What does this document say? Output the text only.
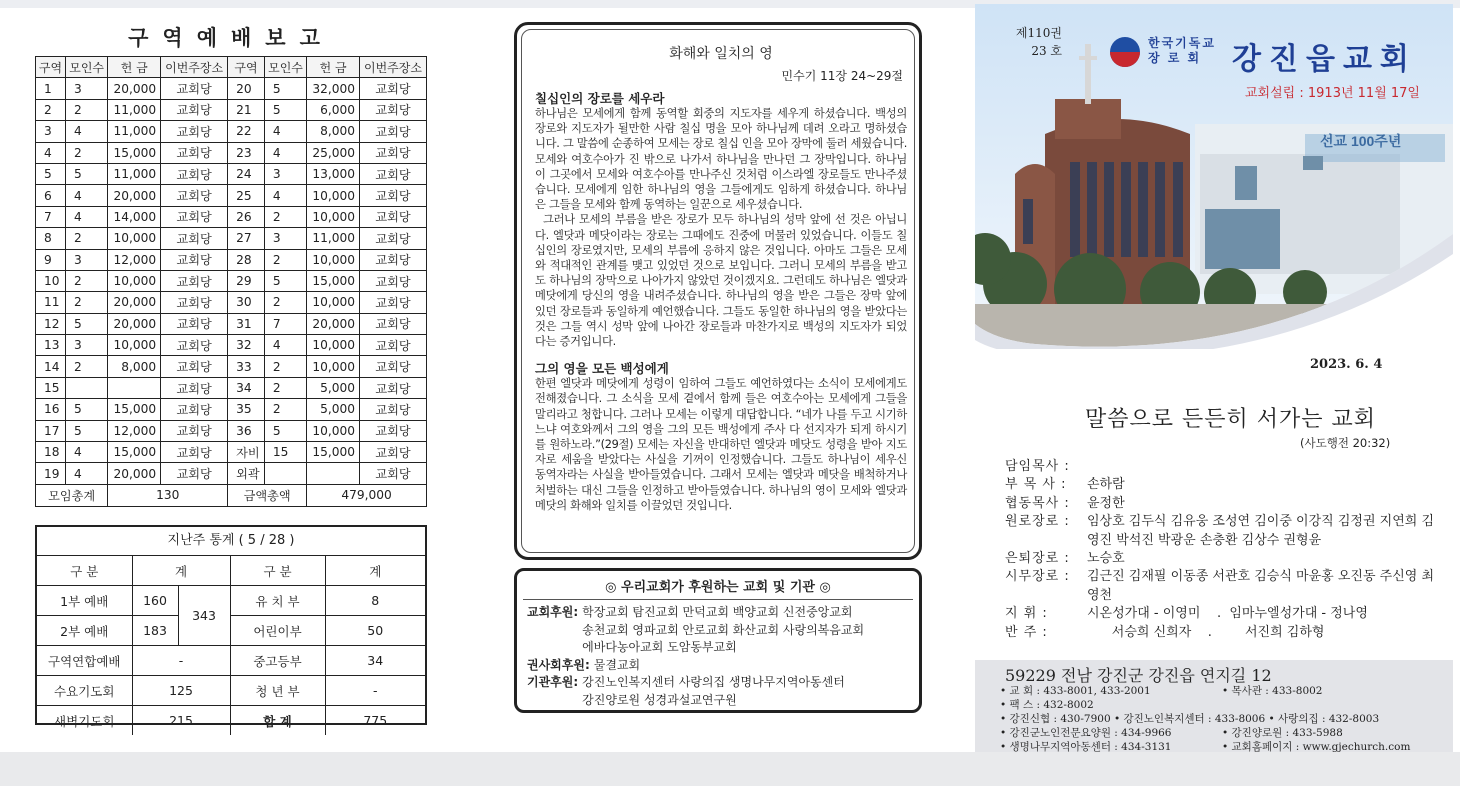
구역예배보고
구역	모인수	헌 금	이번주장소	구역	모인수	헌 금	이번주장소
1	3	20,000	교회당	20	5	32,000	교회당
2	2	11,000	교회당	21	5	6,000	교회당
3	4	11,000	교회당	22	4	8,000	교회당
4	2	15,000	교회당	23	4	25,000	교회당
5	5	11,000	교회당	24	3	13,000	교회당
6	4	20,000	교회당	25	4	10,000	교회당
7	4	14,000	교회당	26	2	10,000	교회당
8	2	10,000	교회당	27	3	11,000	교회당
9	3	12,000	교회당	28	2	10,000	교회당
10	2	10,000	교회당	29	5	15,000	교회당
11	2	20,000	교회당	30	2	10,000	교회당
12	5	20,000	교회당	31	7	20,000	교회당
13	3	10,000	교회당	32	4	10,000	교회당
14	2	8,000	교회당	33	2	10,000	교회당
15			교회당	34	2	5,000	교회당
16	5	15,000	교회당	35	2	5,000	교회당
17	5	12,000	교회당	36	5	10,000	교회당
18	4	15,000	교회당	자비	15	15,000	교회당
19	4	20,000	교회당	외곽			교회당
모임총계		130		금액총액		479,000	
지난주 통계 ( 5 / 28 )
구 분	계		구 분	계
1부 예배	160	343	유 치 부	8
2부 예배	183		어린이부	50
구역연합예배	-		중고등부	34
수요기도회	125		청 년 부	-
새벽기도회	215		합 계	775
화해와 일치의 영
민수기 11장 24~29절
칠십인의 장로를 세우라

하나님은 모세에게 함께 동역할 회중의 지도자를 세우게 하셨습니다. 백성의 장로와 지도자가 될만한 사람 칠십 명을 모아 하나님께 데려 오라고 명하셨습니다. 그 말씀에 순종하여 모세는 장로 칠십 인을 모아 장막에 둘러 세웠습니다. 모세와 여호수아가 진 밖으로 나가서 하나님을 만나던 그 장막입니다. 하나님이 그곳에서 모세와 여호수아를 만나주신 것처럼 이스라엘 장로들도 만나주셨습니다. 모세에게 임한 하나님의 영을 그들에게도 임하게 하셨습니다. 하나님은 그들을 모세와 함께 동역하는 일꾼으로 세우셨습니다.

그러나 모세의 부름을 받은 장로가 모두 하나님의 성막 앞에 선 것은 아닙니다. 엘닷과 메닷이라는 장로는 그때에도 진중에 머물러 있었습니다. 이들도 칠십인의 장로였지만, 모세의 부름에 응하지 않은 것입니다. 아마도 그들은 모세와 적대적인 관계를 맺고 있었던 것으로 보입니다. 그러니 모세의 부름을 받고도 하나님의 장막으로 나아가지 않았던 것이겠지요. 그런데도 하나님은 엘닷과 메닷에게 당신의 영을 내려주셨습니다. 하나님의 영을 받은 그들은 장막 앞에 있던 장로들과 동일하게 예언했습니다. 그들도 동일한 하나님의 영을 받았다는 것은 그들 역시 성막 앞에 나아간 장로들과 마찬가지로 백성의 지도자가 되었다는 증거입니다.

그의 영을 모든 백성에게

한편 엘닷과 메닷에게 성령이 임하여 그들도 예언하였다는 소식이 모세에게도 전해졌습니다. 그 소식을 모세 곁에서 함께 들은 여호수아는 모세에게 그들을 말리라고 청합니다. 그러나 모세는 이렇게 대답합니다. “네가 나를 두고 시기하느냐 여호와께서 그의 영을 그의 모든 백성에게 주사 다 선지자가 되게 하시기를 원하노라.”(29절) 모세는 자신을 반대하던 엘닷과 메닷도 성령을 받아 지도자로 세움을 받았다는 사실을 기꺼이 인정했습니다. 그들도 하나님이 세우신 동역자라는 사실을 받아들였습니다. 그래서 모세는 엘닷과 메닷을 배척하거나 처벌하는 대신 그들을 인정하고 받아들였습니다. 하나님의 영이 모세와 엘닷과 메닷의 화해와 일치를 이끌었던 것입니다.

◎ 우리교회가 후원하는 교회 및 기관 ◎
교회후원: 학장교회 탐진교회 만덕교회 백양교회 신전중앙교회
송천교회 영파교회 안로교회 화산교회 사랑의복음교회
에바다농아교회 도암동부교회
권사회후원: 물결교회
기관후원: 강진노인복지센터 사랑의집 생명나무지역아동센터
강진양로원 성경과설교연구원
선교 100주년
제110권
23 호
한국기독교
장 로 회	강진읍교회
교회설립 : 1913년 11월 17일
2023. 6. 4
말씀으로 든든히 서가는 교회
(사도행전 20:32)
담임목사 :
부 목 사 :	손하람
협동목사 :	윤정한
원로장로 :	임상호 김두식 김유웅 조성연 김이중 이강직 김정권 지연희 김영진 박석진 박광운 손충환 김상수 권형윤
은퇴장로 :	노승호
시무장로 :	김근진 김재필 이동종 서관호 김승식 마윤홍 오진동 주신영 최영천
지 휘 :	시온성가대 - 이영미    .  임마누엘성가대 - 정나영
반 주 :	서승희 신희자    .        서진희 김하형
59229 전남 강진군 강진읍 연지길 12
• 교 회 : 433-8001, 433-2001	• 목사관 : 433-8002
• 팩 스 : 432-8002
• 강진신협 : 430-7900 • 강진노인복지센터 : 433-8006 • 사랑의집 : 432-8003
• 강진군노인전문요양원 : 434-9966	• 강진양로원 : 433-5988
• 생명나무지역아동센터 : 434-3131	• 교회홈페이지 : www.gjechurch.com
